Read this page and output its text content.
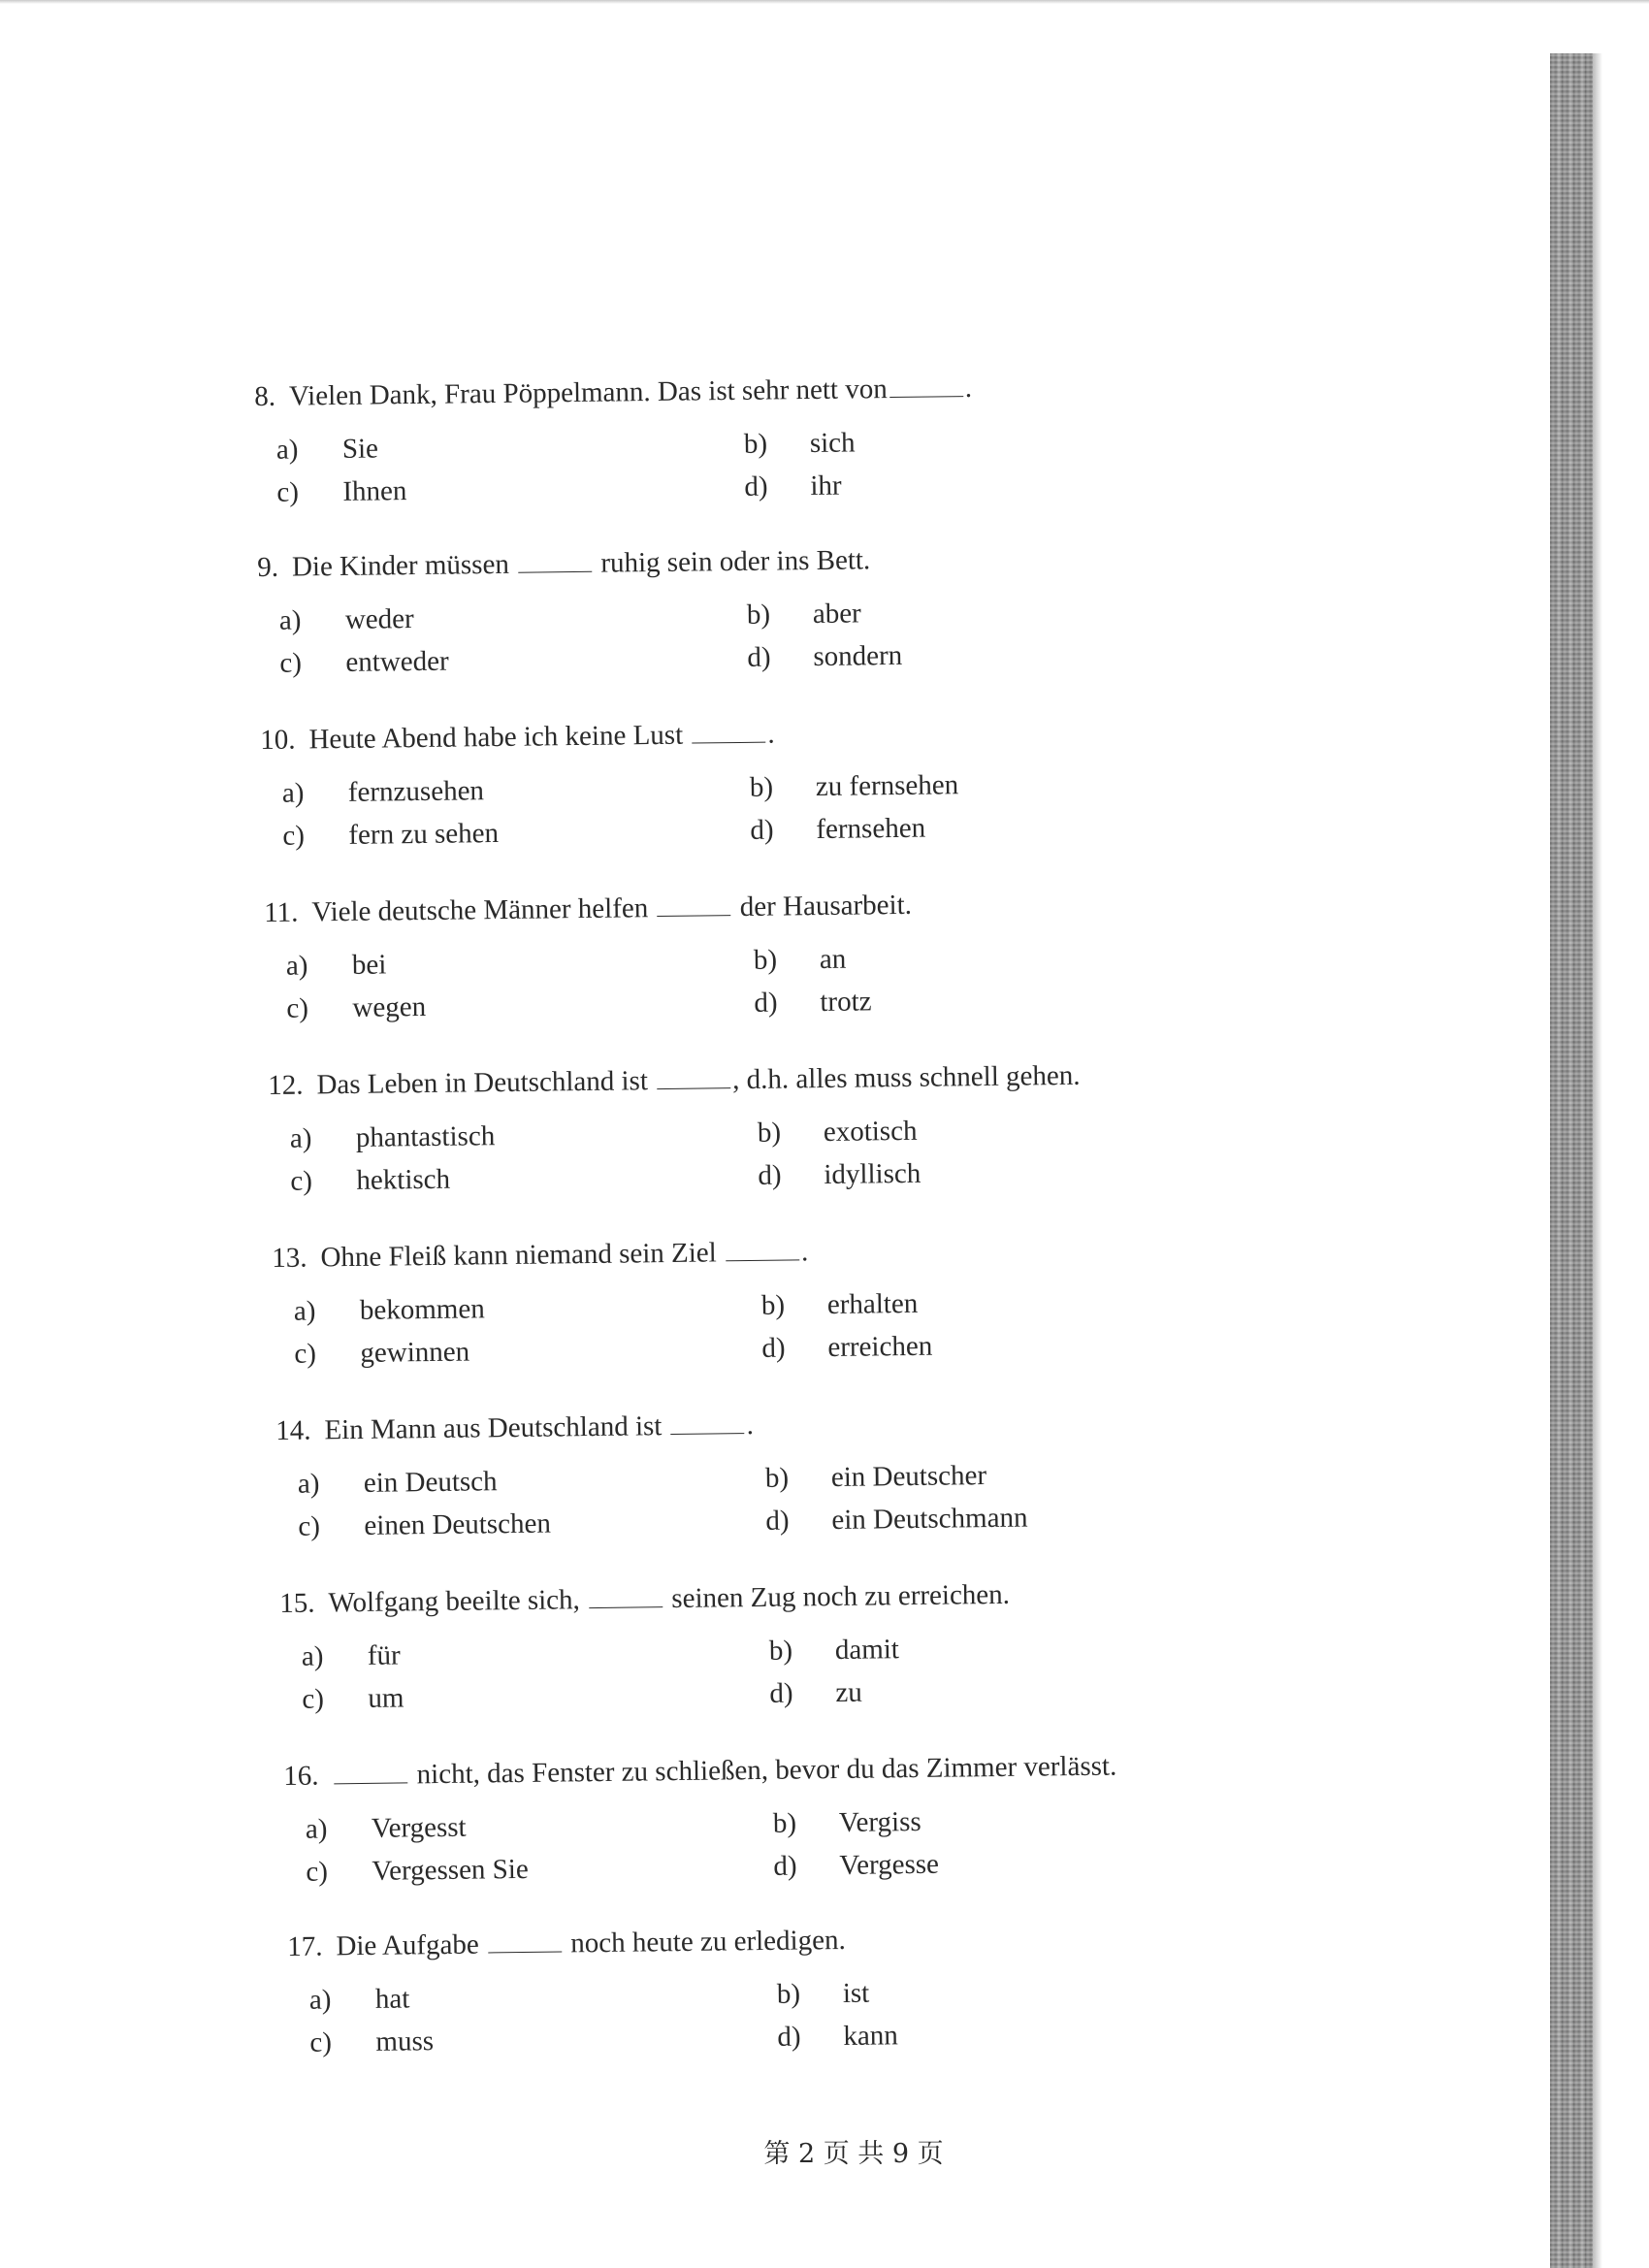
8. Vielen Dank, Frau Pöppelmann. Das ist sehr nett von	.
a) Sie	b) sich
c) Ihnen	d) ihr
9. Die Kinder müssen	ruhig sein oder ins Bett.
a) weder	b) aber
c) entweder	d) sondern
10. Heute Abend habe ich keine Lust	.
a) fernzusehen	b) zu fernsehen
c) fern zu sehen	d) fernsehen
11. Viele deutsche Männer helfen	der Hausarbeit.
a) bei	b) an
c) wegen	d) trotz
12. Das Leben in Deutschland ist	, d.h. alles muss schnell gehen.
a) phantastisch	b) exotisch
c) hektisch	d) idyllisch
13. Ohne Fleiß kann niemand sein Ziel	.
a) bekommen	b) erhalten
c) gewinnen	d) erreichen
14. Ein Mann aus Deutschland ist	.
a) ein Deutsch	b) ein Deutscher
c) einen Deutschen	d) ein Deutschmann
15. Wolfgang beeilte sich,	seinen Zug noch zu erreichen.
a) für	b) damit
c) um	d) zu
16.	nicht, das Fenster zu schließen, bevor du das Zimmer verlässt.
a) Vergesst	b) Vergiss
c) Vergessen Sie	d) Vergesse
17. Die Aufgabe	noch heute zu erledigen.
a) hat	b) ist
c) muss	d) kann
第 2 页 共 9 页
